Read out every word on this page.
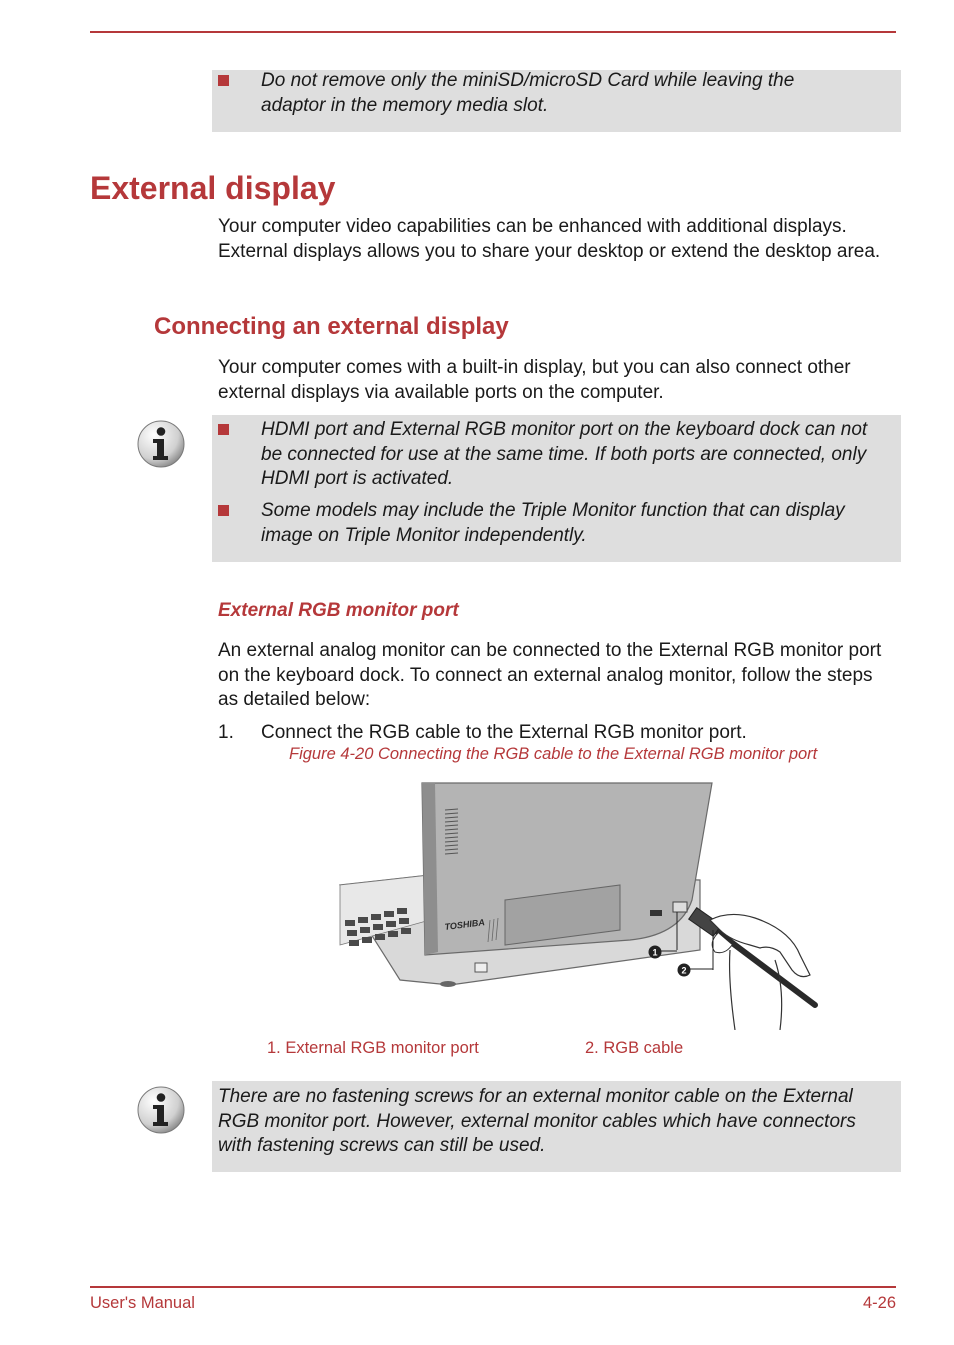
Do not remove only the miniSD/microSD Card while leaving the adaptor in the memory media slot.
External display
Your computer video capabilities can be enhanced with additional displays. External displays allows you to share your desktop or extend the desktop area.
Connecting an external display
Your computer comes with a built-in display, but you can also connect other external displays via available ports on the computer.
HDMI port and External RGB monitor port on the keyboard dock can not be connected for use at the same time. If both ports are connected, only HDMI port is activated.
Some models may include the Triple Monitor function that can display image on Triple Monitor independently.
External RGB monitor port
An external analog monitor can be connected to the External RGB monitor port on the keyboard dock. To connect an external analog monitor, follow the steps as detailed below:
1. Connect the RGB cable to the External RGB monitor port.
Figure 4-20 Connecting the RGB cable to the External RGB monitor port
TOSHIBA
1
2
1. External RGB monitor port	2. RGB cable
There are no fastening screws for an external monitor cable on the External RGB monitor port. However, external monitor cables which have connectors with fastening screws can still be used.
User's Manual	4-26
